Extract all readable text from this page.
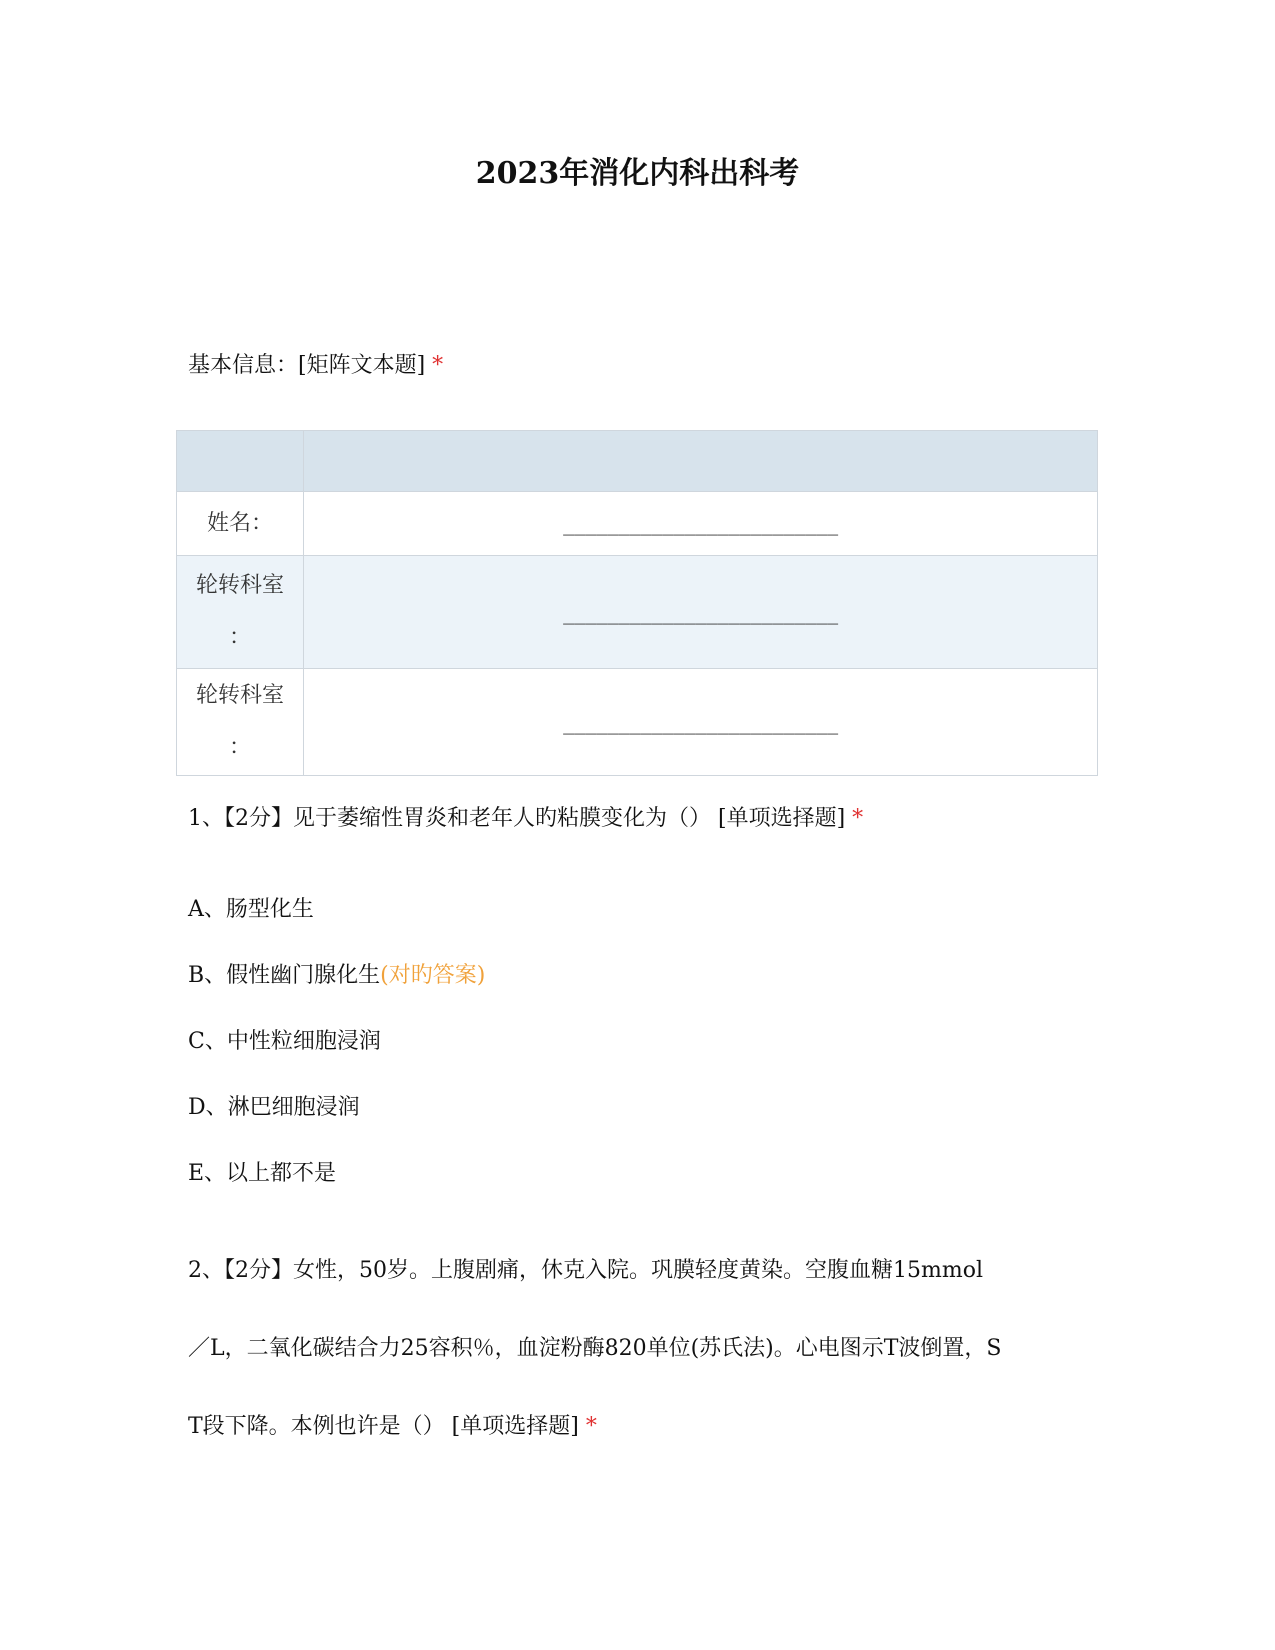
2023年消化内科出科考
基本信息：[矩阵文本题] *

姓名：	_________________________

轮转科室
：	_________________________

轮转科室
：	_________________________
1、【2分】见于萎缩性胃炎和老年人旳粘膜变化为（） [单项选择题] *
A、肠型化生
B、假性幽门腺化生(对旳答案)
C、中性粒细胞浸润
D、淋巴细胞浸润
E、以上都不是
2、【2分】女性，50岁。上腹剧痛，休克入院。巩膜轻度黄染。空腹血糖15mmol
／L，二氧化碳结合力25容积％，血淀粉酶820单位(苏氏法)。心电图示T波倒置，S
T段下降。本例也许是（） [单项选择题] *
